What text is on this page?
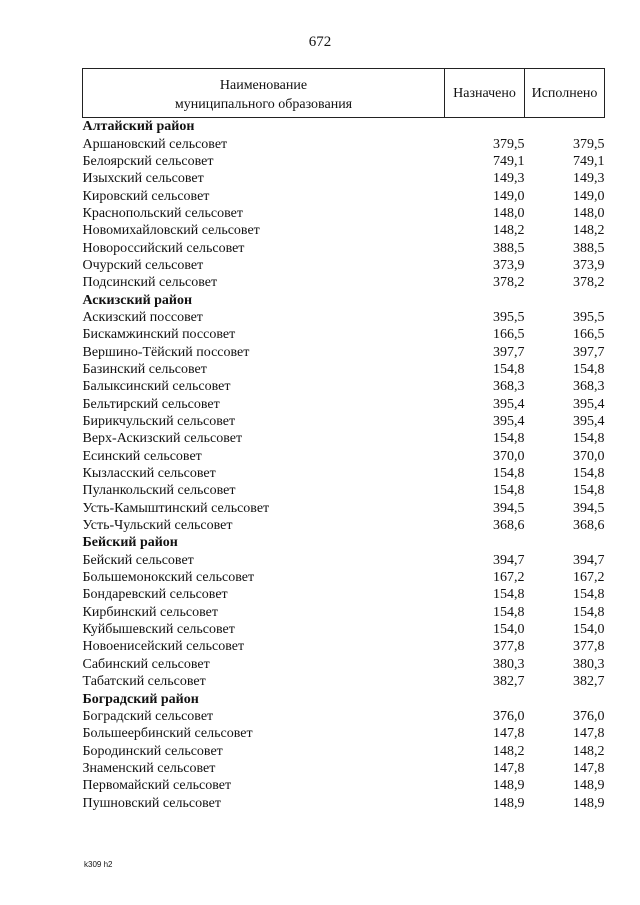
672
Наименование
муниципального образования	Назначено	Исполнено
Алтайский район		
Аршановский сельсовет	379,5	379,5
Белоярский сельсовет	749,1	749,1
Изыхский сельсовет	149,3	149,3
Кировский сельсовет	149,0	149,0
Краснопольский сельсовет	148,0	148,0
Новомихайловский сельсовет	148,2	148,2
Новороссийский сельсовет	388,5	388,5
Очурский сельсовет	373,9	373,9
Подсинский сельсовет	378,2	378,2
Аскизский район		
Аскизский поссовет	395,5	395,5
Бискамжинский поссовет	166,5	166,5
Вершино-Тёйский поссовет	397,7	397,7
Базинский сельсовет	154,8	154,8
Балыксинский сельсовет	368,3	368,3
Бельтирский сельсовет	395,4	395,4
Бирикчульский сельсовет	395,4	395,4
Верх-Аскизский сельсовет	154,8	154,8
Есинский сельсовет	370,0	370,0
Кызласский сельсовет	154,8	154,8
Пуланкольский сельсовет	154,8	154,8
Усть-Камыштинский сельсовет	394,5	394,5
Усть-Чульский сельсовет	368,6	368,6
Бейский район		
Бейский сельсовет	394,7	394,7
Большемонокский сельсовет	167,2	167,2
Бондаревский сельсовет	154,8	154,8
Кирбинский сельсовет	154,8	154,8
Куйбышевский сельсовет	154,0	154,0
Новоенисейский сельсовет	377,8	377,8
Сабинский сельсовет	380,3	380,3
Табатский сельсовет	382,7	382,7
Боградский район		
Боградский сельсовет	376,0	376,0
Большеербинский сельсовет	147,8	147,8
Бородинский сельсовет	148,2	148,2
Знаменский сельсовет	147,8	147,8
Первомайский сельсовет	148,9	148,9
Пушновский сельсовет	148,9	148,9
k309 h2
